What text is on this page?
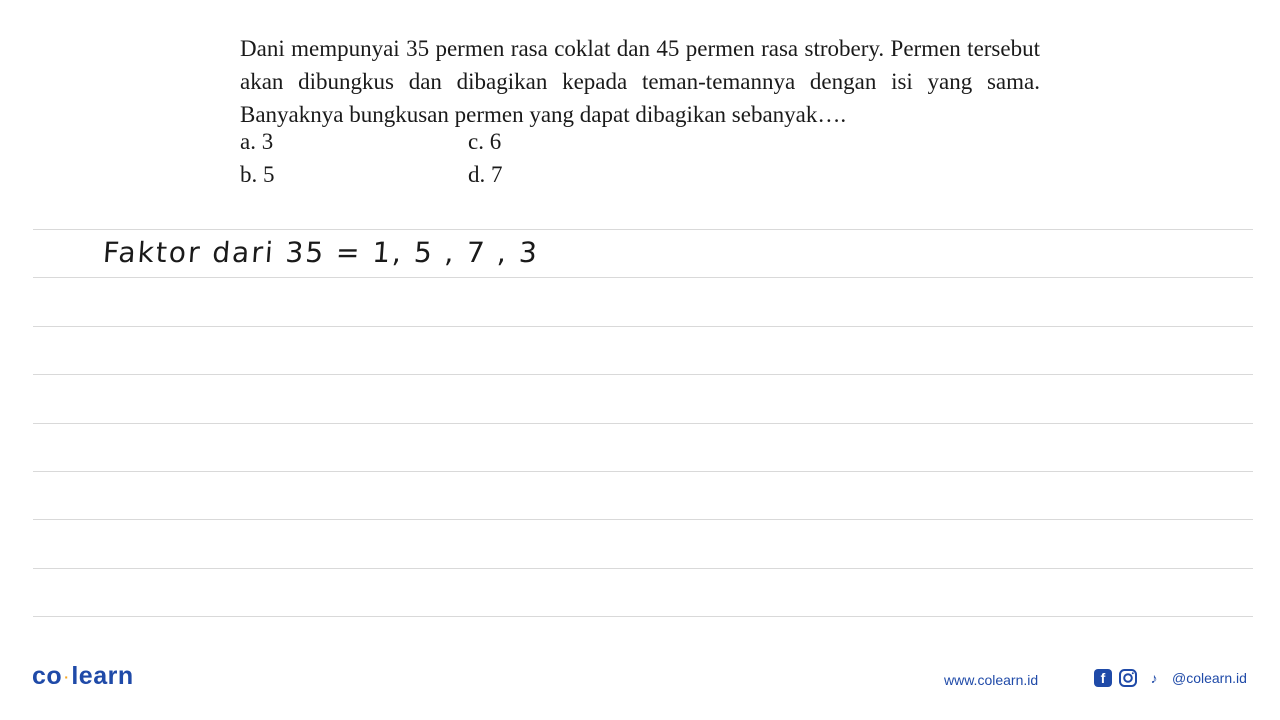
Dani mempunyai 35 permen rasa coklat dan 45 permen rasa strobery. Permen tersebut akan dibungkus dan dibagikan kepada teman-temannya dengan isi yang sama. Banyaknya bungkusan permen yang dapat dibagikan sebanyak….
a. 3	c. 6
b. 5	d. 7
Faktor dari 35 = 1, 5 , 7 , 3
co ·learn	www.colearn.id	f	♪	@colearn.id
